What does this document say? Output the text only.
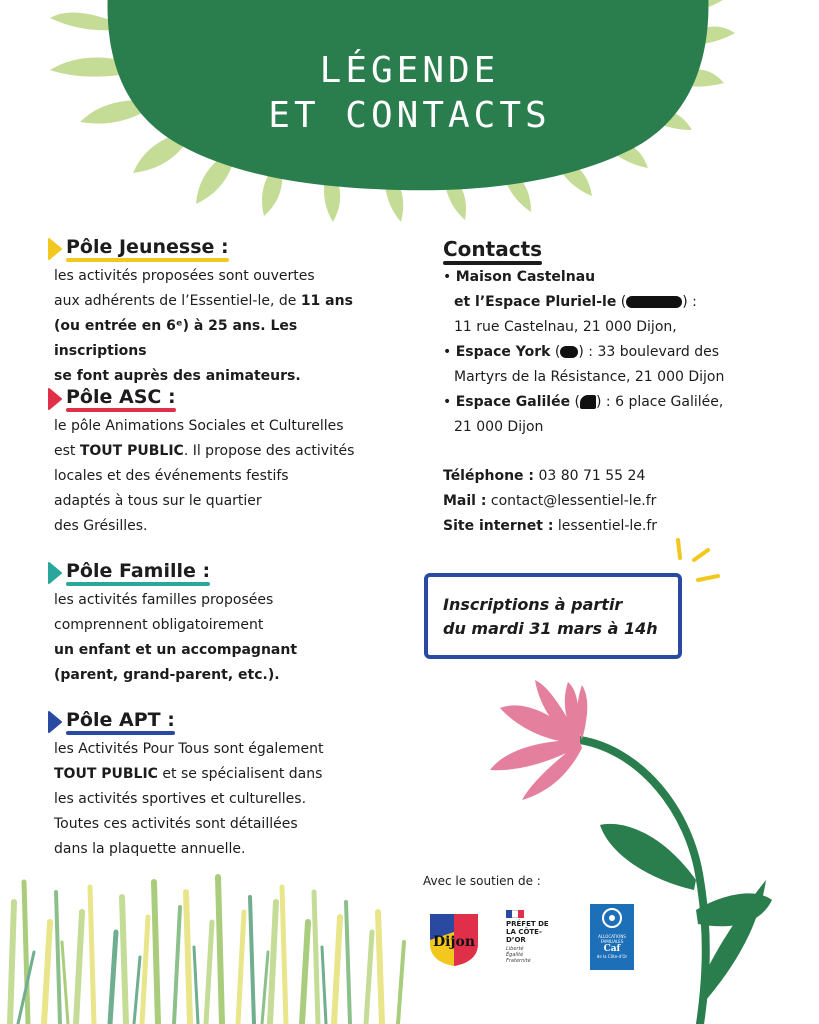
LÉGENDE
ET CONTACTS
Pôle Jeunesse :

les activités proposées sont ouvertes

aux adhérents de l’Essentiel-le, de 11 ans

(ou entrée en 6ᵉ) à 25 ans. Les inscriptions

se font auprès des animateurs.

Pôle ASC :

le pôle Animations Sociales et Culturelles

est TOUT PUBLIC. Il propose des activités

locales et des événements festifs

adaptés à tous sur le quartier

des Grésilles.

Pôle Famille :

les activités familles proposées

comprennent obligatoirement

un enfant et un accompagnant

(parent, grand-parent, etc.).

Pôle APT :

les Activités Pour Tous sont également

TOUT PUBLIC et se spécialisent dans

les activités sportives et culturelles.

Toutes ces activités sont détaillées

dans la plaquette annuelle.

Contacts

• Maison Castelnau

et l’Espace Pluriel-le (	) :

11 rue Castelnau, 21 000 Dijon,

• Espace York ( ) : 33 boulevard des

Martyrs de la Résistance, 21 000 Dijon

• Espace Galilée ( ) : 6 place Galilée,

21 000 Dijon

Téléphone : 03 80 71 55 24

Mail : contact@lessentiel-le.fr

Site internet : lessentiel-le.fr

Inscriptions à partir
du mardi 31 mars à 14h
Avec le soutien de :
Dijon
PRÉFET DE LA CÔTE-D’OR
Liberté Égalité Fraternité
ALLOCATIONS FAMILIALES
Caf
de la Côte-d’Or
